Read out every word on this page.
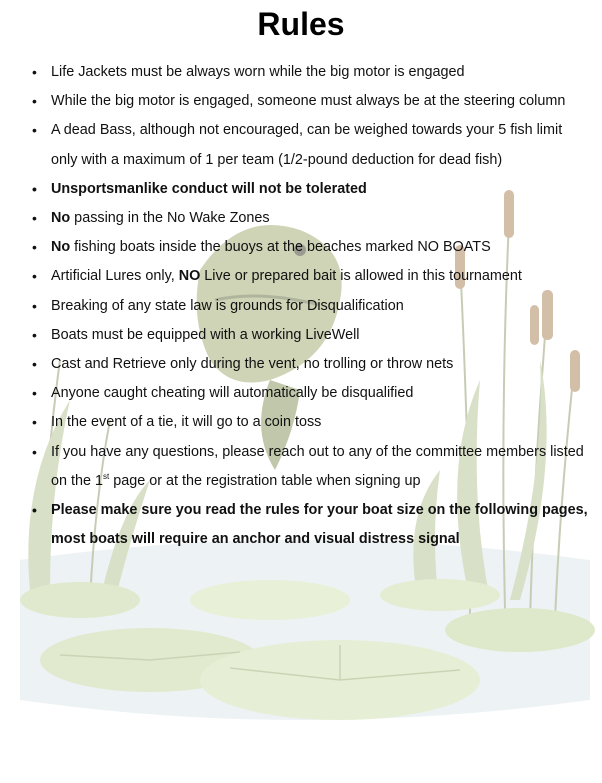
Rules
• Life Jackets must be always worn while the big motor is engaged
• While the big motor is engaged, someone must always be at the steering column
• A dead Bass, although not encouraged, can be weighed towards your 5 fish limit only with a maximum of 1 per team (1/2-pound deduction for dead fish)
• Unsportsmanlike conduct will not be tolerated
• No passing in the No Wake Zones
• No fishing boats inside the buoys at the beaches marked NO BOATS
• Artificial Lures only, NO Live or prepared bait is allowed in this tournament
• Breaking of any state law is grounds for Disqualification
• Boats must be equipped with a working LiveWell
• Cast and Retrieve only during the vent, no trolling or throw nets
• Anyone caught cheating will automatically be disqualified
• In the event of a tie, it will go to a coin toss
• If you have any questions, please reach out to any of the committee members listed on the 1st page or at the registration table when signing up
• Please make sure you read the rules for your boat size on the following pages, most boats will require an anchor and visual distress signal
